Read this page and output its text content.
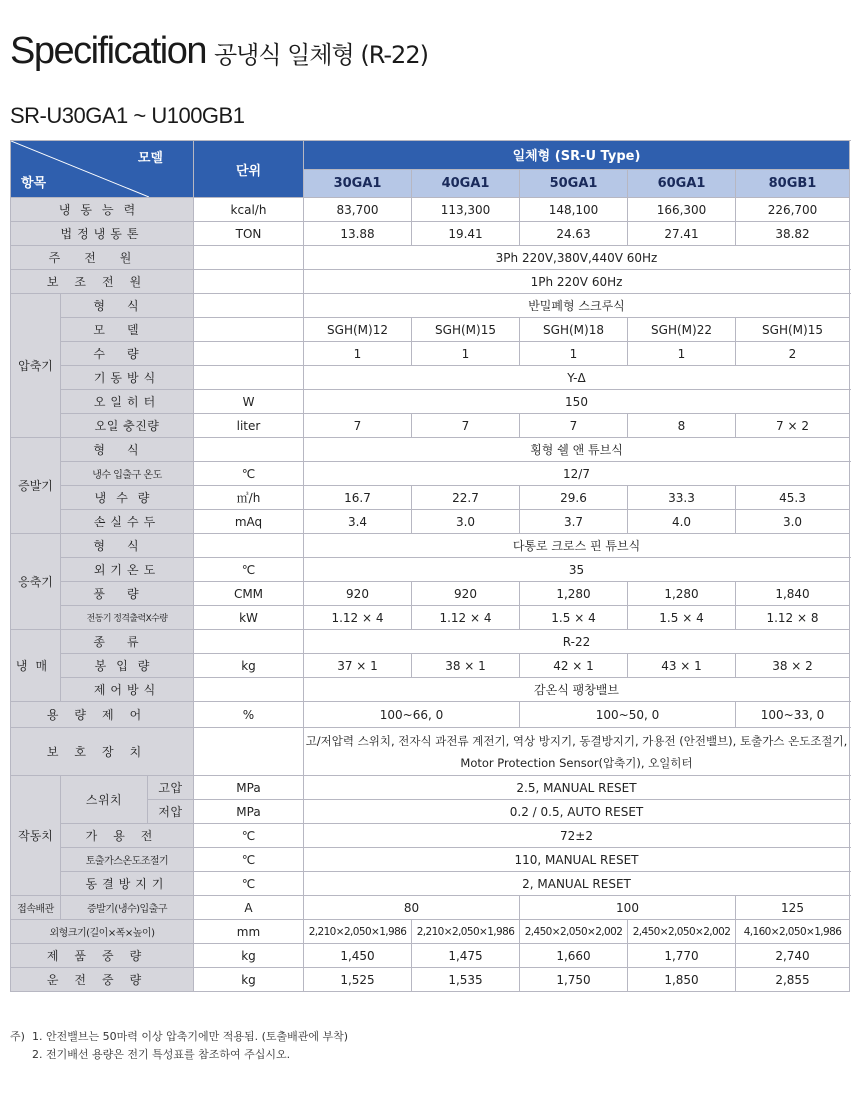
Specification 공냉식 일체형 (R-22)
SR-U30GA1 ~ U100GB1
모델
항목			단위	일체형 (SR-U Type)					
				30GA1	40GA1	50GA1	60GA1	80GB1	
냉동능력			kcal/h	83,700	113,300	148,100	166,300	226,700	
법정냉동톤			TON	13.88	19.41	24.63	27.41	38.82	
주전원				3Ph 220V,380V,440V 60Hz					
보조전원				1Ph 220V 60Hz					
압축기	형식			반밀폐형 스크루식					
	모델			SGH(M)12	SGH(M)15	SGH(M)18	SGH(M)22	SGH(M)15	
	수량			1	1	1	1	2	
	기동방식			Y-Δ					
	오일히터		W	150					
	오일 충진량		liter	7	7	7	8	7 × 2	
증발기	형식			횡형 쉘 앤 튜브식					
	냉수 입출구 온도		℃	12/7					
	냉수량		㎥/h	16.7	22.7	29.6	33.3	45.3	
	손실수두		mAq	3.4	3.0	3.7	4.0	3.0	
응축기	형식			다통로 크로스 핀 튜브식					
	외기온도		℃	35					
	풍량		CMM	920	920	1,280	1,280	1,840	
	전동기 정격출력X수량		kW	1.12 × 4	1.12 × 4	1.5 × 4	1.5 × 4	1.12 × 8	
냉매	종류			R-22					
	봉입량		kg	37 × 1	38 × 1	42 × 1	43 × 1	38 × 2	
	제어방식			감온식 팽창밸브					
용량제어			%	100~66, 0		100~50, 0		100~33, 0	
보호장치				고/저압력 스위치, 전자식 과전류 계전기, 역상 방지기, 동결방지기, 가용전 (안전밸브), 토출가스 온도조절기,
Motor Protection Sensor(압축기), 오일히터					

작동치	스위치	고압	MPa	2.5, MANUAL RESET					
		저압	MPa	0.2 / 0.5, AUTO RESET					
	가용전		℃	72±2					
	토출가스온도조절기		℃	110, MANUAL RESET					
	동결방지기		℃	2, MANUAL RESET					
접속배관	증발기(냉수)입출구		A	80		100		125	
외형크기(길이×폭×높이)			mm	2,210×2,050×1,986	2,210×2,050×1,986	2,450×2,050×2,002	2,450×2,050×2,002	4,160×2,050×1,986	
제품중량			kg	1,450	1,475	1,660	1,770	2,740	
운전중량			kg	1,525	1,535	1,750	1,850	2,855	
주) 1. 안전밸브는 50마력 이상 압축기에만 적용됨. (토출배관에 부착)
2. 전기배선 용량은 전기 특성표를 참조하여 주십시오.
